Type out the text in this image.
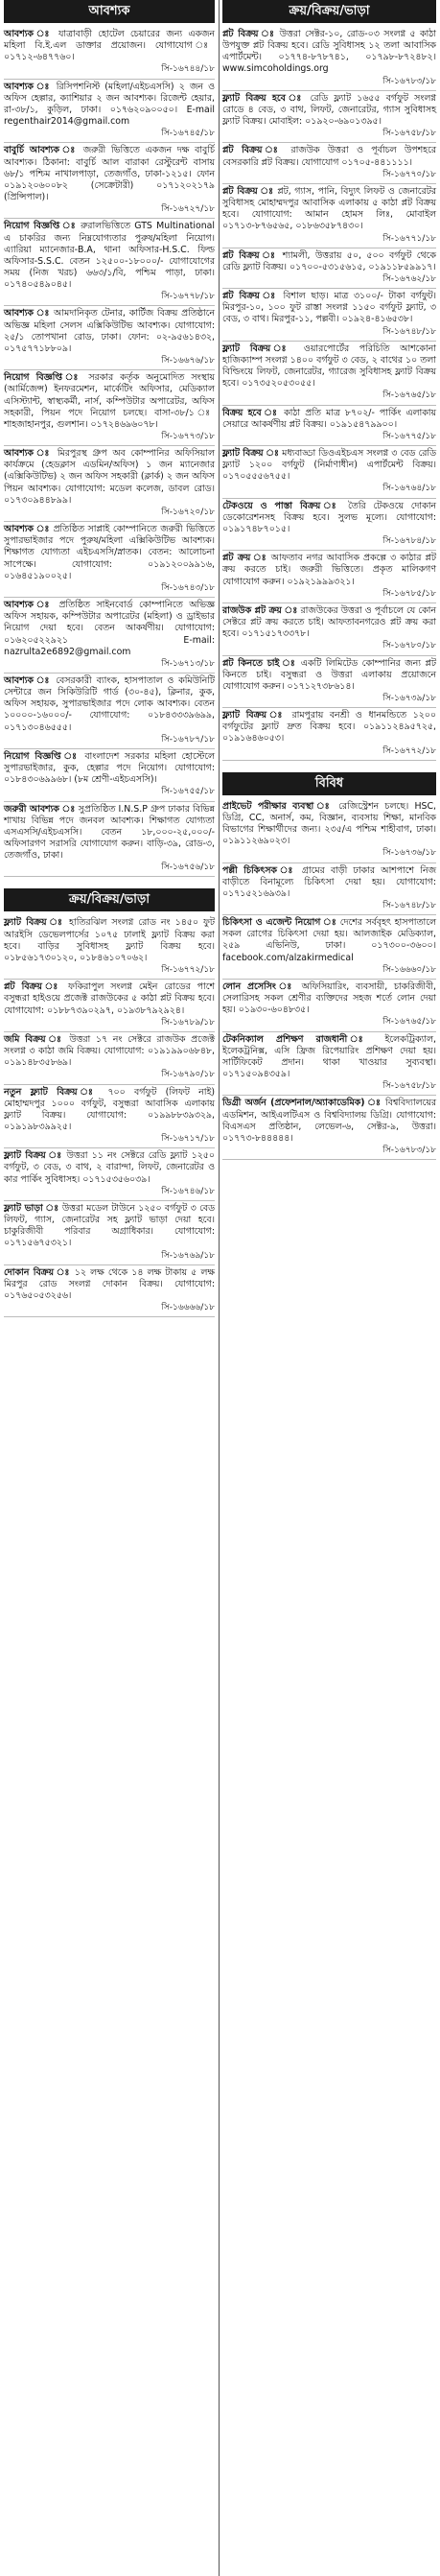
আবশ্যক
আবশ্যক ঃ যাত্রাবাড়ী হোটেল চেয়ারের জন্য একজন মহিলা বি.ই.এল ডাক্তার প্রয়োজন। যোগাযোগ ঃ ০১৭১২-৬৪৭৭৬০।
সি-১৬৭৪৪/১৮
আবশ্যক ঃ রিসিপশনিস্ট (মহিলা/এইচএসসি) ২ জন ও অফিস হেল্পার, ক্যাশিয়ার ২ জন আবশ্যক। রিজেন্ট হেয়ার, রা-৩৮/১, কুড়িল, ঢাকা। ০১৭৬২০৯০০৫০। E-mail regenthair2014@gmail.com
সি-১৬৭৪৫/১৮
বাবুর্চি আবশ্যক ঃ জরুরী ভিত্তিতে একজন দক্ষ বাবুর্চি আবশ্যক। ঠিকানা: বাবুর্চি আল বারাকা রেস্টুরেন্ট বাসায় ৬৮/১ পশ্চিম নাখালপাড়া, তেজগাঁও, ঢাকা-১২১৫। ফোন ০১৯১২০৬০০৮২ (সেক্রেটারী) ০১৭১২০২১৭৯ (প্রিন্সিপাল)।
সি-১৬৭২৭/১৮
নিয়োগ বিজ্ঞপ্তি ঃ রুরালভিত্তিতে GTS Multinational এ চাকরির জন্য নিম্নযোগ্যতার পুরুষ/মহিলা নিয়োগ। এ্যারিয়া ম্যানেজার-B.A, থানা অফিসার-H.S.C. ফিল্ড অফিসার-S.S.C. বেতন ১২৫০০-১৮০০০/- যোগাযোগের সময় (নিজ খরচ) ৬৬৩/১/বি, পশ্চিম পাড়া, ঢাকা। ০১৭৪০৫৪৯০৪৫।
সি-১৬৭৭৮/১৮
আবশ্যক ঃ আমদানিকৃত টেনার, কার্টিজ বিক্রয় প্রতিষ্ঠানে অভিজ্ঞ মহিলা সেলস এক্সিকিউটিভ আবশ্যক। যোগাযোগ: ২৫/১ তোপখানা রোড, ঢাকা। ফোন: ০২-৯৫৬১৪৩২, ০১৭৫৭৭১৮৮০৯।
সি-১৬৬৭৬/১৮
নিয়োগ বিজ্ঞপ্তি ঃ সরকার কর্তৃক অনুমোদিত সংস্থায় (আর্মিজেন্স) ইনফরমেশন, মার্কেটিং অফিসার, মেডিক্যাল এসিস্ট্যান্ট, স্বাস্থ্যকর্মী, নার্স, কম্পিউটার অপারেটর, অফিস সহকারী, পিয়ন পদে নিয়োগ চলছে। বাসা-৩৮/১ ঃ শাহজাহানপুর, গুলশান। ০১৭২৪৬৯৬০৭৮।
সি-১৬৭৭৩/১৮
আবশ্যক ঃ মিরপুরস্থ গ্রুপ অব কোম্পানির অফিসিয়াল কার্যক্রমে (হেডক্লাস এডমিন/অফিস) ১ জন ম্যানেজার (এক্সিকিউটিভ) ২ জন অফিস সহকারী (ক্লার্ক) ২ জন অফিস পিয়ন আবশ্যক। যোগাযোগ: মডেল কলেজ, ডাবল রোড। ০১৭৩০৯৪৪৮৯৯।
সি-১৬৭২০/১৮
আবশ্যক ঃ প্রতিষ্ঠিত সাপ্লাই কোম্পানিতে জরুরী ভিত্তিতে সুপারভাইজার পদে পুরুষ/মহিলা এক্সিকিউটিভ আবশ্যক। শিক্ষাগত যোগ্যতা এইচএসসি/স্নাতক। বেতন: আলোচনা সাপেক্ষে। যোগাযোগ: ০১৯১২০০৯৯১৬, ০১৬৪৫১৯০০২৫।
সি-১৬৭৪৩/১৮
আবশ্যক ঃ প্রতিষ্ঠিত সাইনবোর্ড কোম্পানিতে অভিজ্ঞ অফিস সহায়ক, কম্পিউটার অপারেটর (মহিলা) ও ড্রাইভার নিয়োগ দেয়া হবে। বেতন আকর্ষণীয়। যোগাযোগ: ০১৬২০৫২২৯২১ E-mail: nazrulta2e6892@gmail.com
সি-১৬৭১৩/১৮
আবশ্যক ঃ বেসরকারী ব্যাংক, হাসপাতাল ও কমিউনিটি সেন্টারে জন সিকিউরিটি গার্ড (৩০-৪৫), ক্লিনার, কুক, অফিস সহায়ক, সুপারভাইজার পদে লোক আবশ্যক। বেতন ১০০০০-১৬০০০/- যোগাযোগ: ০১৮৪৩৩৩৯৬৯৯, ০১৭১৩০৪৬৫৫৫।
সি-১৬৭৮৭/১৮
নিয়োগ বিজ্ঞপ্তি ঃ বাংলাদেশ সরকার মহিলা হোস্টেলে সুপারভাইজার, কুক, হেল্পার পদে নিয়োগ। যোগাযোগ: ০১৮৪৩০৬৯৯৬৮। (৮ম শ্রেণী-এইচএসসি)।
সি-১৬৭৫৫/১৮
জরুরী আবশ্যক ঃ সুপ্রতিষ্ঠিত I.N.S.P গ্রুপ ঢাকার বিভিন্ন শাখায় বিভিন্ন পদে জনবল আবশ্যক। শিক্ষাগত যোগ্যতা এসএসসি/এইচএসসি। বেতন ১৮,০০০-২৫,০০০/- অফিসারগণ সরাসরি যোগাযোগ করুন। বাড়ি-৩৯, রোড-৩, তেজগাঁও, ঢাকা।
সি-১৬৭৫৬/১৮
ক্রয়/বিক্রয়/ভাড়া
ফ্ল্যাট বিক্রয় ঃ হাতিরঝিল সংলগ্ন রোড নং ১৪৫০ ফুট আরইসি ডেভেলপার্সের ১০৭৫ ঢালাই ফ্ল্যাট বিক্রয় করা হবে। বাড়ির সুবিধাসহ ফ্ল্যাট বিক্রয় হবে। ০১৮৫৬১৭৩০১২০, ০১৮৪৬১০৭০৬২।
সি-১৬৭৭২/১৮
প্লট বিক্রয় ঃ ফকিরাপুল সংলগ্ন মেইন রোডের পাশে বসুন্ধরা হাইওয়ে প্রজেক্ট রাজউকের ৫ কাঠা প্লট বিক্রয় হবে। যোগাযোগ: ০১৮৮৭৩৯০২৯৭, ০১৯৩৮৭৯২৯২৪।
সি-১৬৭৮৯/১৮
জমি বিক্রয় ঃ উত্তরা ১৭ নং সেক্টরে রাজউক প্রজেক্ট সংলগ্ন ৩ কাঠা জমি বিক্রয়। যোগাযোগ: ০১৯১৯৯০৬৮৪৮, ০১৯১৪৮৩৫৮৬৯।
সি-১৬৭৯০/১৮
নতুন ফ্ল্যাট বিক্রয় ঃ ৭০০ বর্গফুট (লিফট নাই) মোহাম্মদপুর ১০০০ বর্গফুট, বসুন্ধরা আবাসিক এলাকায় ফ্ল্যাট বিক্রয়। যোগাযোগ: ০১৯৯৮৮৩৯৩২৯, ০১৯১৯৮৩৯৯২৫।
সি-১৬৭১৭/১৮
ফ্ল্যাট বিক্রয় ঃ উত্তরা ১১ নং সেক্টরে রেডি ফ্ল্যাট ১২৫০ বর্গফুট, ৩ বেড, ৩ বাথ, ২ বারান্দা, লিফট, জেনারেটর ও কার পার্কিং সুবিধাসহ। ০১৭১৫৩৫৬০৩৯।
সি-১৬৭৪৬/১৮
ফ্ল্যাট ভাড়া ঃ উত্তরা মডেল টাউনে ১২৫০ বর্গফুট ৩ বেড লিফট, গ্যাস, জেনারেটর সহ ফ্ল্যাট ভাড়া দেয়া হবে। চাকুরিজীবী পরিবার অগ্রাধিকার। যোগাযোগ: ০১৭১৫৬৭৫৩২১।
সি-১৬৭৬৯/১৮
দোকান বিক্রয় ঃ ১২ লক্ষ থেকে ১৪ লক্ষ টাকায় ৫ লক্ষ মিরপুর রোড সংলগ্ন দোকান বিক্রয়। যোগাযোগ: ০১৭৬৫০৫৩২৫৬।
সি-১৬৬৬৬/১৮
ক্রয়/বিক্রয়/ভাড়া
প্লট বিক্রয় ঃ উত্তরা সেক্টর-১০, রোড-০৩ সংলগ্ন ৫ কাঠা উপযুক্ত প্লট বিক্রয় হবে। রেডি সুবিধাসহ ১২ তলা আবাসিক এপার্টমেন্ট। ০১৭৭৪-৮৭৮৭৪১, ০১৭৯৮-৮৭২৪৮২। www.simcoholdings.org
সি-১৬৭৮৩/১৮
ফ্ল্যাট বিক্রয় হবে ঃ রেডি ফ্ল্যাট ১৬৫৫ বর্গফুট সংলগ্ন রোডে ৪ বেড, ৩ বাথ, লিফট, জেনারেটর, গ্যাস সুবিধাসহ ফ্ল্যাট বিক্রয়। মোবাইল: ০১৯২০-৬৯০১৩৯৫।
সি-১৬৭৫৮/১৮
প্লট বিক্রয় ঃ রাজউক উত্তরা ও পূর্বাচল উপশহরে বেসরকারি প্লট বিক্রয়। যোগাযোগ ০১৭০৫-৪৪১১১১।
সি-১৬৭৭০/১৮
প্লট বিক্রয় ঃ প্লট, গ্যাস, পানি, বিদ্যুৎ লিফট ও জেনারেটর সুবিধাসহ মোহাম্মদপুর আবাসিক এলাকায় ৫ কাঠা প্লট বিক্রয় হবে। যোগাযোগ: আমান হোমস লিঃ, মোবাইল ০১৭১৩-৮৭৬৫৬৫, ০১৮৬৩৫৮৭৪৩০।
সি-১৬৭৭১/১৮
প্লট বিক্রয় ঃ শ্যামলী, উত্তরায় ৫০, ৫০০ বর্গফুট থেকে রেডি ফ্ল্যাট বিক্রয়। ০১৭০০-৫৩১৫৬১৫, ০১৯১১৮৫৯৯১৭।
সি-১৬৭৬২/১৮
প্লট বিক্রয় ঃ বিশাল ছাড়। মাত্র ৩১০০/- টাকা বর্গফুট। মিরপুর-১০, ১০০ ফুট রাস্তা সংলগ্ন ১১৫০ বর্গফুট ফ্ল্যাট, ৩ বেড, ৩ বাথ। মিরপুর-১১, পল্লবী। ০১৯২৪-৪১৬৫৩৮।
সি-১৬৭৪৮/১৮
ফ্ল্যাট বিক্রয় ঃ ওয়ারপোর্টের পরিচিতি আশকোনা হাজিক্যাম্প সংলগ্ন ১৪০০ বর্গফুট ৩ বেড, ২ বাথের ১০ তলা বিল্ডিংয়ে লিফট, জেনারেটর, গ্যারেজ সুবিধাসহ ফ্ল্যাট বিক্রয় হবে। ০১৭৩৫২০৫৩০৫৫।
সি-১৬৭৬৫/১৮
বিক্রয় হবে ঃ কাঠা প্রতি মাত্র ৮৭০২/- পার্কিং এলাকায় সেয়ারে আকর্ষণীয় প্লট বিক্রয়। ০১৯১৫৪৭৯৯০০।
সি-১৬৭৭৫/১৮
ফ্ল্যাট বিক্রয় ঃ মধ্যবাড্ডা ডিওএইচএস সংলগ্ন ৩ বেড রেডি ফ্ল্যাট ১২০০ বর্গফুট (নির্মাণাধীন) এপার্টমেন্ট বিক্রয়। ০১৭০৫৫৫৬৭৫৫।
সি-১৬৭৬৪/১৮
টেকওয়ে ও পাস্তা বিক্রয় ঃ তৈরি টেকওয়ে দোকান ডেকোরেশনসহ বিক্রয় হবে। সুলভ মূল্যে। যোগাযোগ: ০১৯১৭৪৮৭০১৫।
সি-১৬৭৮৪/১৮
প্লট ক্রয় ঃ আফতাব নগর আবাসিক প্রকল্পে ৩ কাঠার প্লট ক্রয় করতে চাই। জরুরী ভিত্তিতে। প্রকৃত মালিকগণ যোগাযোগ করুন। ০১৯২১৯৯৯৩২১।
সি-১৬৭৮৫/১৮
রাজউক প্লট ক্রয় ঃ রাজউকের উত্তরা ও পূর্বাচলে যে কোন সেক্টরে প্লট ক্রয় করতে চাই। আফতাবনগরেও প্লট ক্রয় করা হবে। ০১৭১৫১৭৩৩৭৮।
সি-১৬৭৮০/১৮
প্লট কিনতে চাই ঃ একটি লিমিটেড কোম্পানির জন্য প্লট কিনতে চাই। বসুন্ধরা ও উত্তরা এলাকায় প্রয়োজনে যোগাযোগ করুন। ০১৭১২৭৩৮৬১৪।
সি-১৬৭৩৯/১৮
ফ্ল্যাট বিক্রয় ঃ রামপুরায় বনশ্রী ও ধানমন্ডিতে ১২০০ বর্গফুটের ফ্ল্যাট দ্রুত বিক্রয় হবে। ০১৯১১২৪৯৫৭২৫, ০১৯১৬৪৬০৫৩।
সি-১৬৭৭২/১৮
বিবিধ
প্রাইভেট পরীক্ষার ব্যবস্থা ঃ রেজিস্ট্রেশন চলছে। HSC, ডিগ্রি, CC, অনার্স, কম, বিজ্ঞান, ব্যবসায় শিক্ষা, মানবিক বিভাগের শিক্ষার্থীদের জন্য। ২৩৫/এ পশ্চিম শাহীবাগ, ঢাকা। ০১৯১১২৬৯০২৩।
সি-১৬৭৩৬/১৮
পল্লী চিকিৎসক ঃ গ্রামের বাড়ী ঢাকার আশপাশে নিজ বাড়ীতে বিনামূল্যে চিকিৎসা দেয়া হয়। যোগাযোগ: ০১৭১৫২১৬৯৩৯।
সি-১৬৭৪৮/১৮
চিকিৎসা ও এজেন্ট নিয়োগ ঃ দেশের সর্ববৃহৎ হাসপাতালে সকল রোগের চিকিৎসা দেয়া হয়। আলজাইক মেডিক্যাল, ২৫৯ এভিনিউ, ঢাকা। ০১৭৩০০-৩৬০০। facebook.com/alzakirmedical
সি-১৬৬৬০/১৮
লোন প্রসেসিং ঃ অফিসিয়ারিং, ব্যবসায়ী, চাকরিজীবী, সেলারিসহ সকল শ্রেণীর ব্যক্তিদের সহজ শর্তে লোন দেয়া হয়। ০১৯৩০-৬০৪৮৩৫।
সি-১৬৭৬৫/১৮
টেকনিক্যাল প্রশিক্ষণ রাজধানী ঃ ইলেকট্রিক্যাল, ইলেকট্রনিক্স, এসি ফ্রিজ রিপেয়ারিং প্রশিক্ষণ দেয়া হয়। সার্টিফিকেট প্রদান। থাকা খাওয়ার সুব্যবস্থা। ০১৭১৫০৯৪৩৫৯।
সি-১৬৭৫৮/১৮
ডিগ্রী অর্জন (প্রফেশনাল/অ্যাকাডেমিক) ঃ বিশ্ববিদ্যালয়ের এডমিশন, আইএলটিএস ও বিশ্ববিদ্যালয় ডিগ্রি। যোগাযোগ: বিএসএস প্রতিষ্ঠান, লেভেল-৬, সেক্টর-৯, উত্তরা। ০১৭৭৩-৮৪৪৪৪৪।
সি-১৬৭৮৩/১৮
